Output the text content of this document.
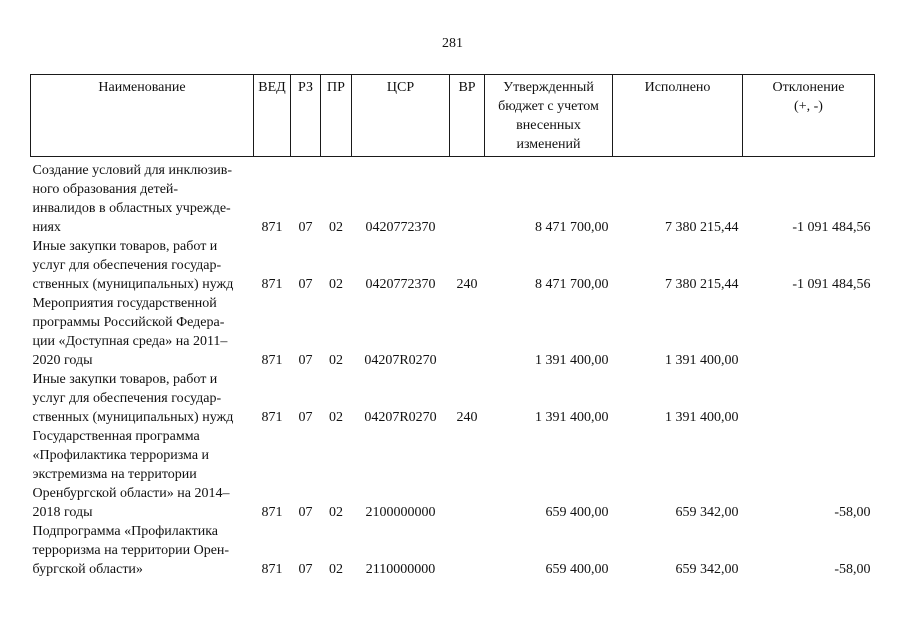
281
Наименование	ВЕД	РЗ	ПР	ЦСР	ВР	Утвержденный
бюджет с учетом
внесенных
изменений	Исполнено	Отклонение
(+, -)

Создание условий для инклюзив-
ного образования детей-
инвалидов в областных учрежде-
ниях	871	07	02	0420772370		8 471 700,00	7 380 215,44	-1 091 484,56
Иные закупки товаров, работ и
услуг для обеспечения государ-
ственных (муниципальных) нужд	871	07	02	0420772370	240	8 471 700,00	7 380 215,44	-1 091 484,56
Мероприятия государственной
программы Российской Федера-
ции «Доступная среда» на 2011–
2020 годы	871	07	02	04207R0270		1 391 400,00	1 391 400,00	
Иные закупки товаров, работ и
услуг для обеспечения государ-
ственных (муниципальных) нужд	871	07	02	04207R0270	240	1 391 400,00	1 391 400,00	
Государственная программа
«Профилактика терроризма и
экстремизма на территории
Оренбургской области» на 2014–
2018 годы	871	07	02	2100000000		659 400,00	659 342,00	-58,00
Подпрограмма «Профилактика
терроризма на территории Орен-
бургской области»	871	07	02	2110000000		659 400,00	659 342,00	-58,00
